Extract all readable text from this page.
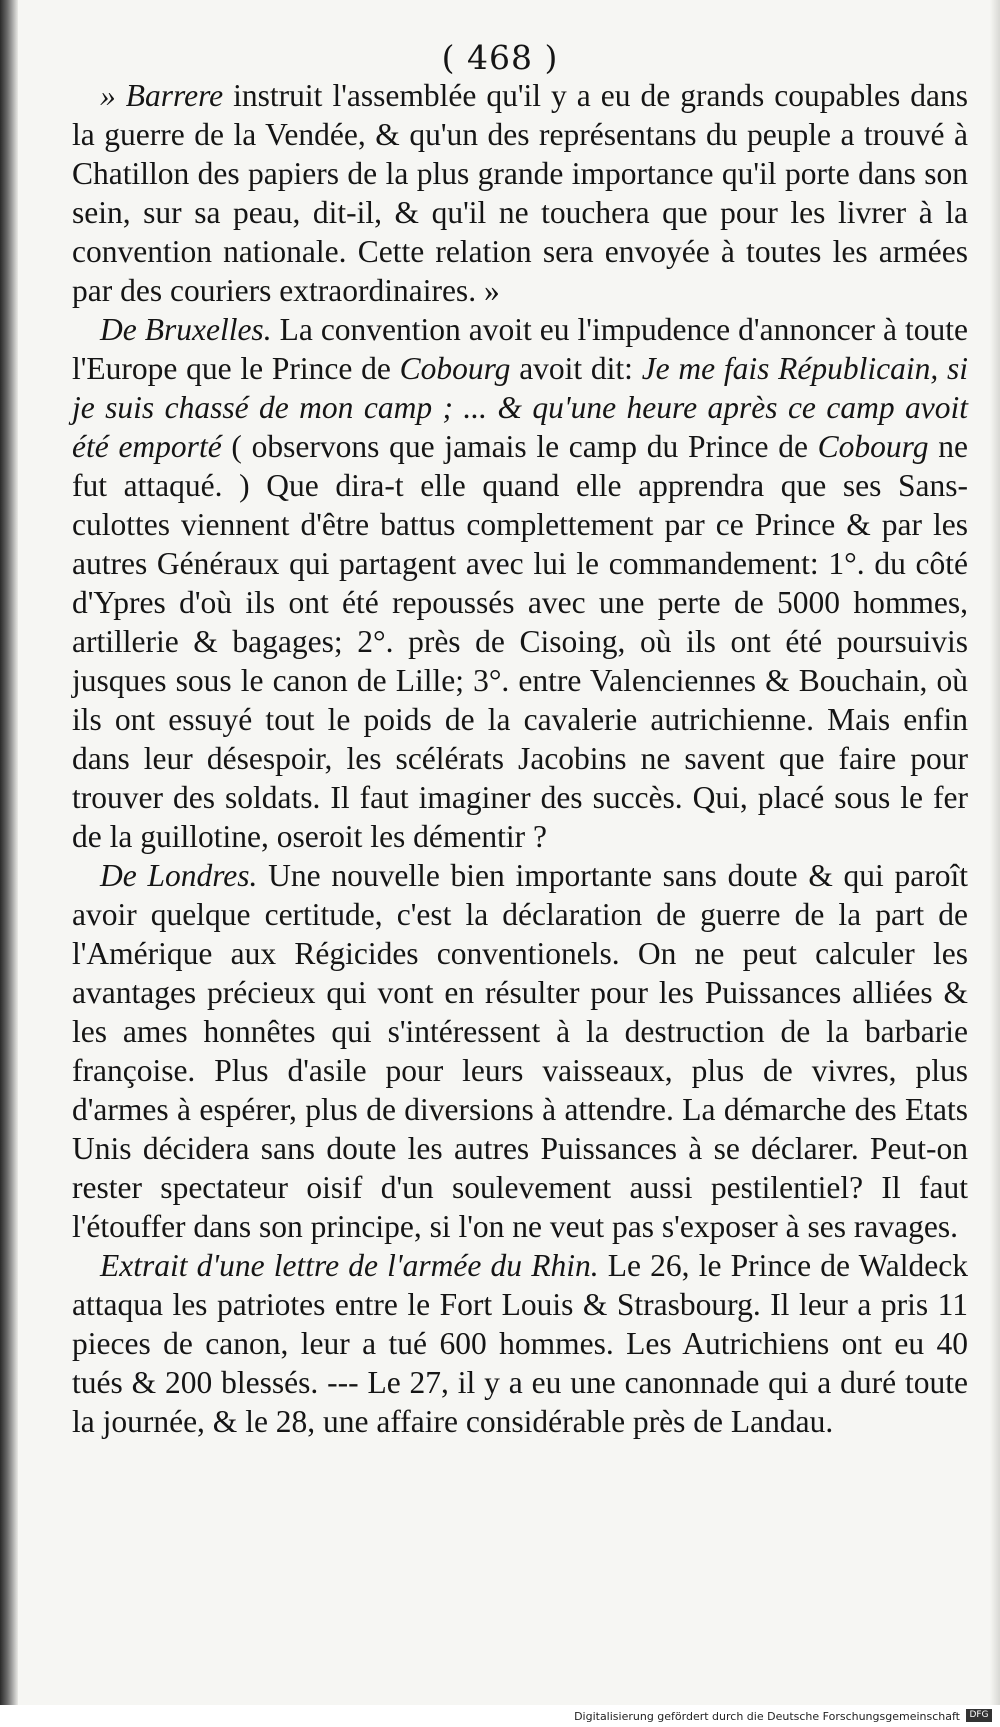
( 468 )

» Barrere instruit l'assemblée qu'il y a eu de grands coupables dans la guerre de la Vendée, & qu'un des représentans du peuple a trouvé à Chatillon des papiers de la plus grande importance qu'il porte dans son sein, sur sa peau, dit-il, & qu'il ne touchera que pour les livrer à la convention nationale. Cette relation sera envoyée à toutes les armées par des couriers extraordinaires. »

De Bruxelles. La convention avoit eu l'impudence d'annoncer à toute l'Europe que le Prince de Cobourg avoit dit: Je me fais Républicain, si je suis chassé de mon camp ; ... & qu'une heure après ce camp avoit été emporté ( observons que jamais le camp du Prince de Cobourg ne fut attaqué. ) Que dira-t elle quand elle apprendra que ses Sans-culottes viennent d'être battus complettement par ce Prince & par les autres Généraux qui partagent avec lui le commandement: 1°. du côté d'Ypres d'où ils ont été repoussés avec une perte de 5000 hommes, artillerie & bagages; 2°. près de Cisoing, où ils ont été poursuivis jusques sous le canon de Lille; 3°. entre Valenciennes & Bouchain, où ils ont essuyé tout le poids de la cavalerie autrichienne. Mais enfin dans leur désespoir, les scélérats Jacobins ne savent que faire pour trouver des soldats. Il faut imaginer des succès. Qui, placé sous le fer de la guillotine, oseroit les démentir ?

De Londres. Une nouvelle bien importante sans doute & qui paroît avoir quelque certitude, c'est la déclaration de guerre de la part de l'Amérique aux Régicides conventionels. On ne peut calculer les avantages précieux qui vont en résulter pour les Puissances alliées & les ames honnêtes qui s'intéressent à la destruction de la barbarie françoise. Plus d'asile pour leurs vaisseaux, plus de vivres, plus d'armes à espérer, plus de diversions à attendre. La démarche des Etats Unis décidera sans doute les autres Puissances à se déclarer. Peut-on rester spectateur oisif d'un soulevement aussi pestilentiel? Il faut l'étouffer dans son principe, si l'on ne veut pas s'exposer à ses ravages.

Extrait d'une lettre de l'armée du Rhin. Le 26, le Prince de Waldeck attaqua les patriotes entre le Fort Louis & Strasbourg. Il leur a pris 11 pieces de canon, leur a tué 600 hommes. Les Autrichiens ont eu 40 tués & 200 blessés. --- Le 27, il y a eu une canonnade qui a duré toute la journée, & le 28, une affaire considérable près de Landau.

Digitalisierung gefördert durch die Deutsche Forschungsgemeinschaft	DFG
